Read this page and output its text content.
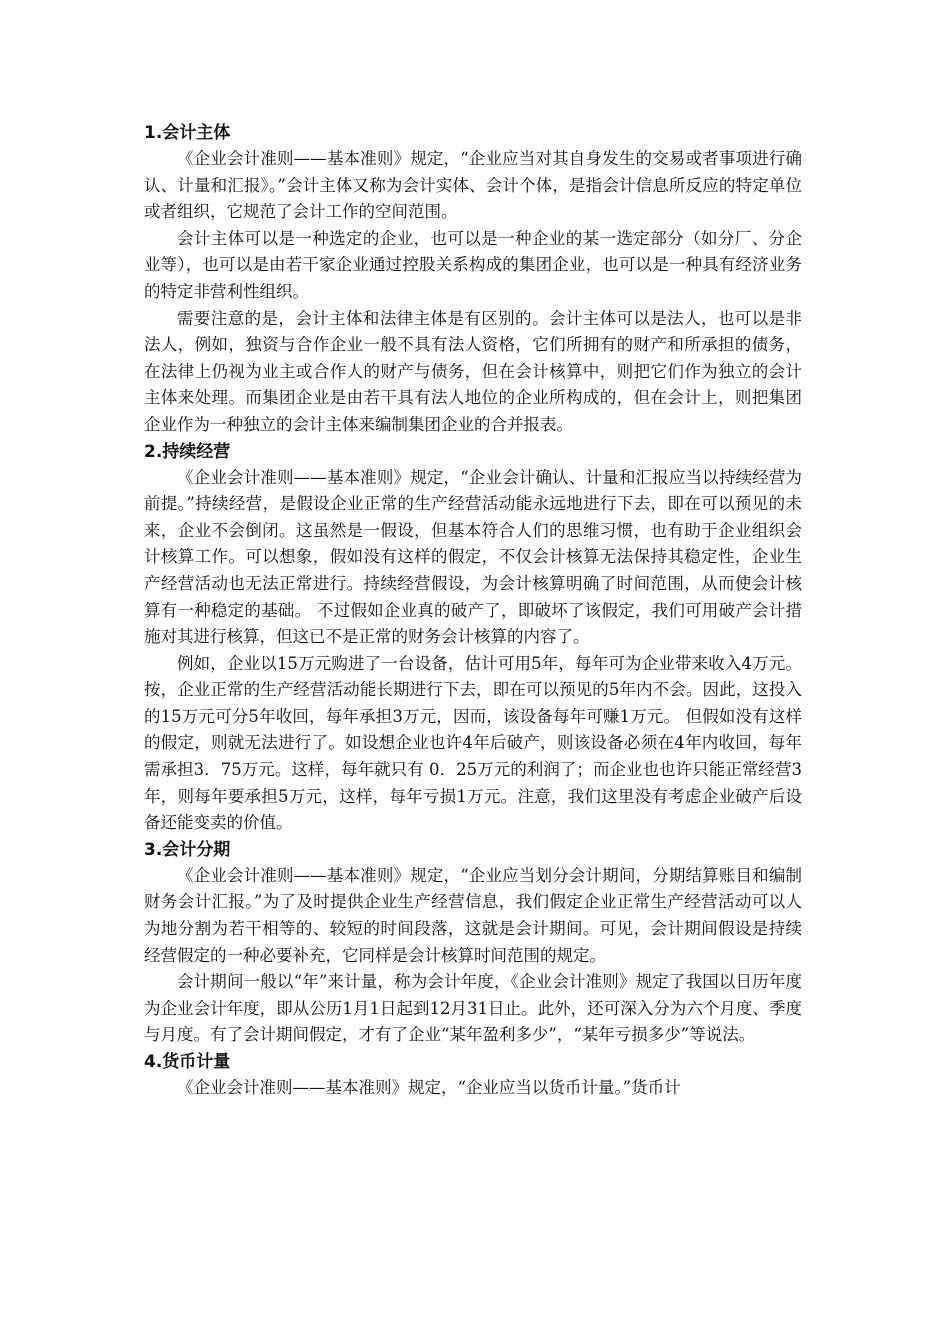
1.会计主体

《企业会计准则——基本准则》规定，“企业应当对其自身发生的交易或者事项进行确认、计量和汇报》。”会计主体又称为会计实体、会计个体，是指会计信息所反应的特定单位或者组织，它规范了会计工作的空间范围。

会计主体可以是一种选定的企业，也可以是一种企业的某一选定部分（如分厂、分企业等），也可以是由若干家企业通过控股关系构成的集团企业，也可以是一种具有经济业务的特定非营利性组织。

需要注意的是，会计主体和法律主体是有区别的。会计主体可以是法人，也可以是非法人，例如，独资与合作企业一般不具有法人资格，它们所拥有的财产和所承担的债务，在法律上仍视为业主或合作人的财产与债务，但在会计核算中，则把它们作为独立的会计主体来处理。而集团企业是由若干具有法人地位的企业所构成的，但在会计上，则把集团企业作为一种独立的会计主体来编制集团企业的合并报表。

2.持续经营

《企业会计准则——基本准则》规定，“企业会计确认、计量和汇报应当以持续经营为前提。”持续经营，是假设企业正常的生产经营活动能永远地进行下去，即在可以预见的未来，企业不会倒闭。这虽然是一假设，但基本符合人们的思维习惯，也有助于企业组织会计核算工作。可以想象，假如没有这样的假定，不仅会计核算无法保持其稳定性，企业生产经营活动也无法正常进行。持续经营假设，为会计核算明确了时间范围，从而使会计核算有一种稳定的基础。 不过假如企业真的破产了，即破坏了该假定，我们可用破产会计措施对其进行核算，但这已不是正常的财务会计核算的内容了。

例如，企业以15万元购进了一台设备，估计可用5年，每年可为企业带来收入4万元。 按，企业正常的生产经营活动能长期进行下去，即在可以预见的5年内不会。因此，这投入的15万元可分5年收回，每年承担3万元，因而，该设备每年可赚1万元。 但假如没有这样的假定，则就无法进行了。如设想企业也许4年后破产，则该设备必须在4年内收回，每年需承担3．75万元。这样，每年就只有 0．25万元的利润了；而企业也也许只能正常经营3年，则每年要承担5万元，这样，每年亏损1万元。注意，我们这里没有考虑企业破产后设备还能变卖的价值。

3.会计分期

《企业会计准则——基本准则》规定，“企业应当划分会计期间，分期结算账目和编制财务会计汇报。”为了及时提供企业生产经营信息，我们假定企业正常生产经营活动可以人为地分割为若干相等的、较短的时间段落，这就是会计期间。可见，会计期间假设是持续经营假定的一种必要补充，它同样是会计核算时间范围的规定。

会计期间一般以“年”来计量，称为会计年度，《企业会计准则》规定了我国以日历年度为企业会计年度，即从公历1月1日起到12月31日止。此外，还可深入分为六个月度、季度与月度。有了会计期间假定，才有了企业“某年盈利多少”，“某年亏损多少”等说法。

4.货币计量

《企业会计准则——基本准则》规定，“企业应当以货币计量。”货币计
